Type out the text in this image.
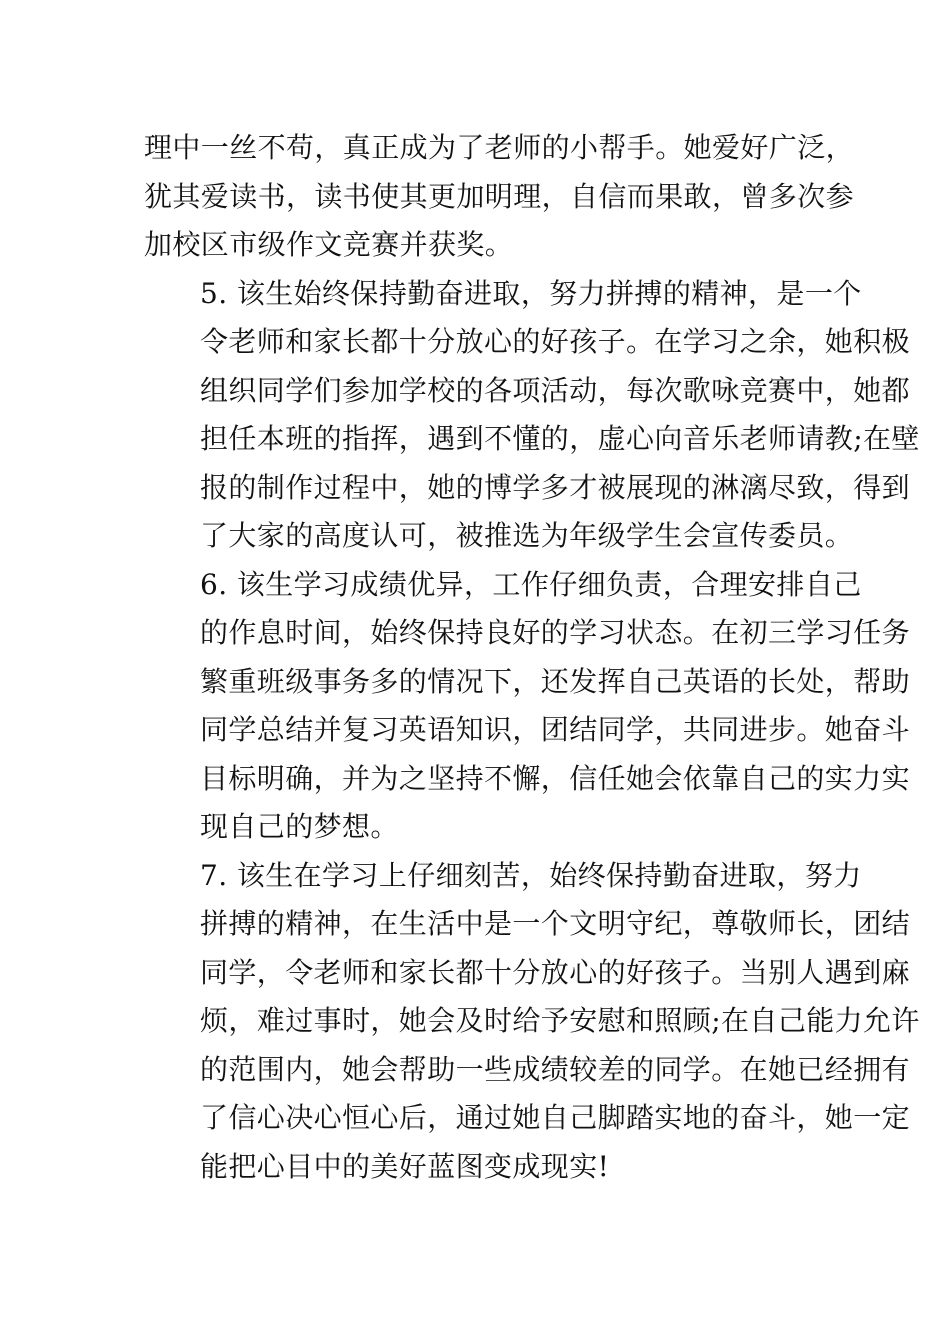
理中一丝不苟，真正成为了老师的小帮手。她爱好广泛，
犹其爱读书，读书使其更加明理，自信而果敢，曾多次参
加校区市级作文竞赛并获奖。

5. 该生始终保持勤奋进取，努力拼搏的精神，是一个
令老师和家长都十分放心的好孩子。在学习之余，她积极
组织同学们参加学校的各项活动，每次歌咏竞赛中，她都
担任本班的指挥，遇到不懂的，虚心向音乐老师请教;在壁
报的制作过程中，她的博学多才被展现的淋漓尽致，得到
了大家的高度认可，被推选为年级学生会宣传委员。

6. 该生学习成绩优异，工作仔细负责，合理安排自己
的作息时间，始终保持良好的学习状态。在初三学习任务
繁重班级事务多的情况下，还发挥自己英语的长处，帮助
同学总结并复习英语知识，团结同学，共同进步。她奋斗
目标明确，并为之坚持不懈，信任她会依靠自己的实力实
现自己的梦想。

7. 该生在学习上仔细刻苦，始终保持勤奋进取，努力
拼搏的精神，在生活中是一个文明守纪，尊敬师长，团结
同学，令老师和家长都十分放心的好孩子。当别人遇到麻
烦，难过事时，她会及时给予安慰和照顾;在自己能力允许
的范围内，她会帮助一些成绩较差的同学。在她已经拥有
了信心决心恒心后，通过她自己脚踏实地的奋斗，她一定
能把心目中的美好蓝图变成现实!
